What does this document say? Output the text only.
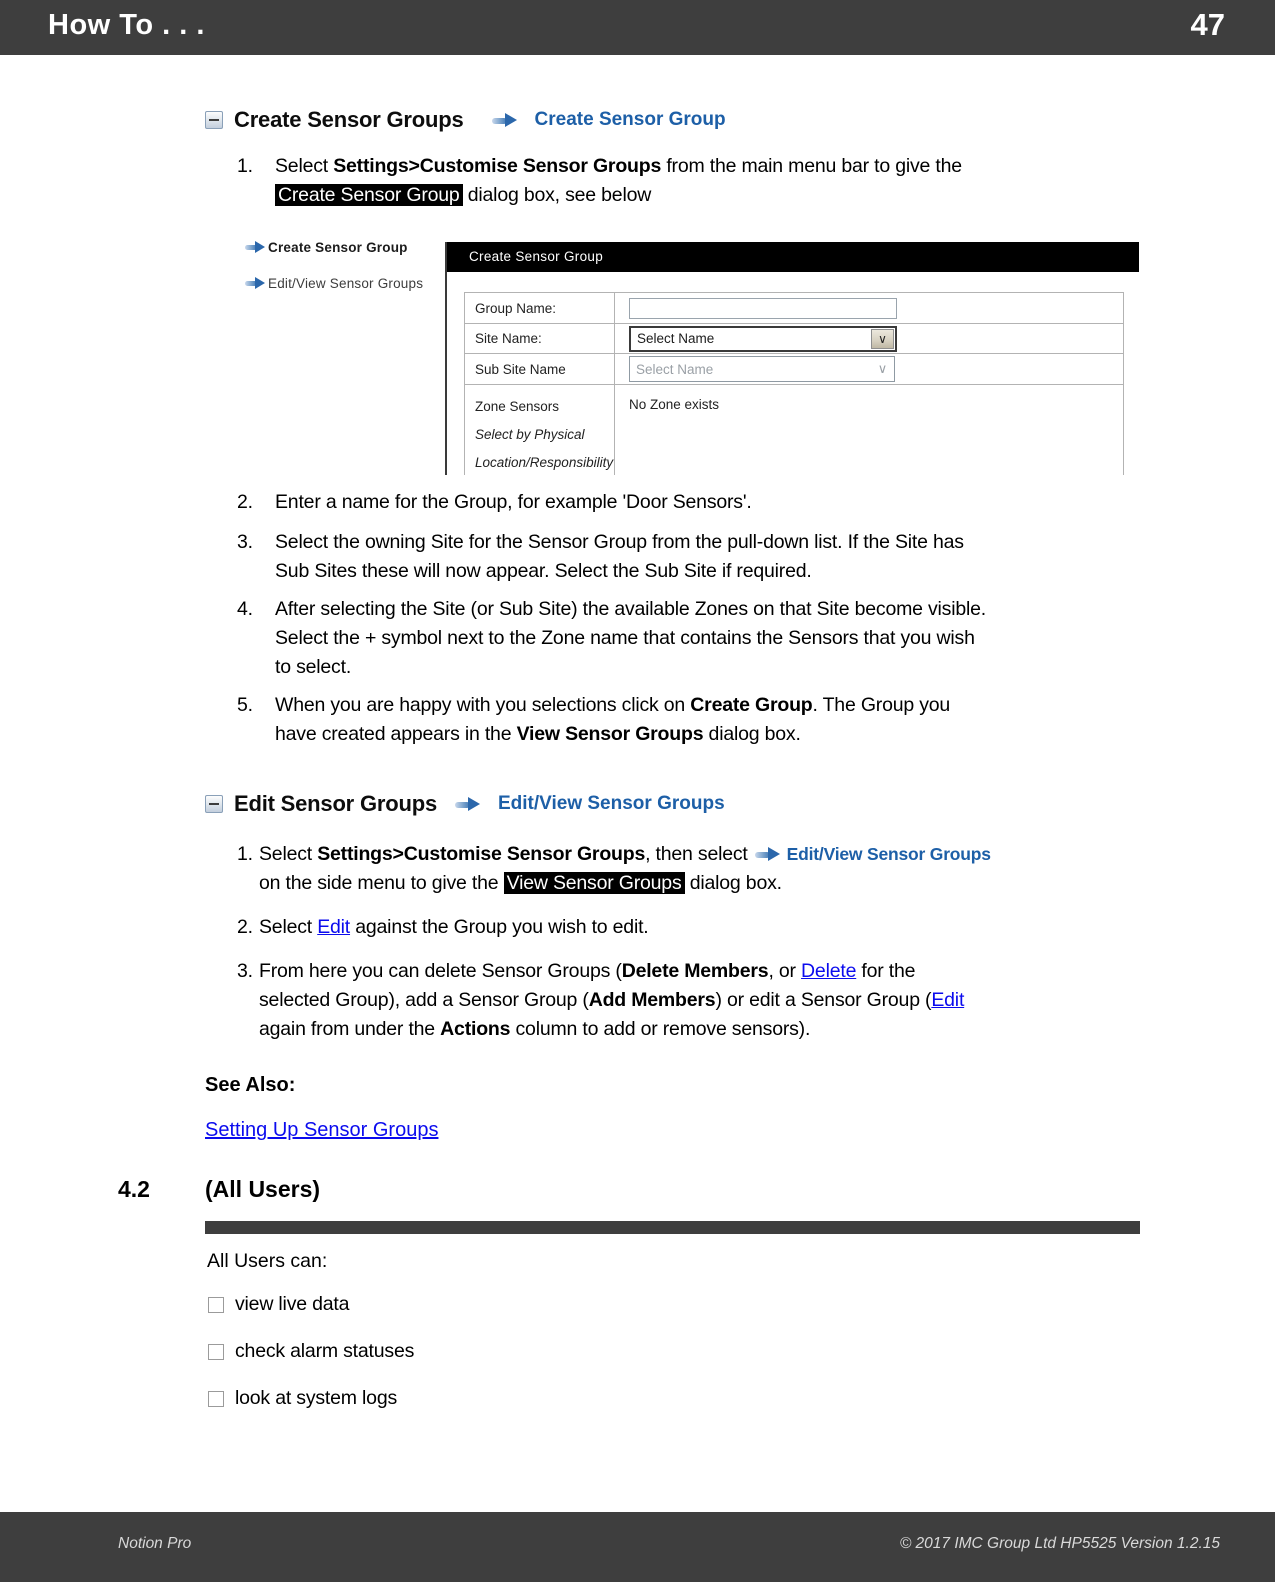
How To . . .	47
Create Sensor Groups	Create Sensor Group
1. Select Settings>Customise Sensor Groups from the main menu bar to give the
Create Sensor Group dialog box, see below
Create Sensor Group
Edit/View Sensor Groups
Create Sensor Group
Group Name:
Site Name:	Select Name	∨
Sub Site Name	Select Name	∨
Zone Sensors
Select by Physical
Location/Responsibility
No Zone exists
2. Enter a name for the Group, for example 'Door Sensors'.
3. Select the owning Site for the Sensor Group from the pull-down list. If the Site has
Sub Sites these will now appear. Select the Sub Site if required.
4. After selecting the Site (or Sub Site) the available Zones on that Site become visible.
Select the + symbol next to the Zone name that contains the Sensors that you wish
to select.
5. When you are happy with you selections click on Create Group. The Group you
have created appears in the View Sensor Groups dialog box.
Edit Sensor Groups	Edit/View Sensor Groups
1. Select Settings>Customise Sensor Groups, then select Edit/View Sensor Groups
on the side menu to give the View Sensor Groups dialog box.
2. Select Edit against the Group you wish to edit.
3. From here you can delete Sensor Groups (Delete Members, or Delete for the
selected Group), add a Sensor Group (Add Members) or edit a Sensor Group (Edit
again from under the Actions column to add or remove sensors).
See Also:
Setting Up Sensor Groups
4.2 (All Users)
All Users can:
view live data
check alarm statuses
look at system logs
Notion Pro	© 2017 IMC Group Ltd HP5525 Version 1.2.15
